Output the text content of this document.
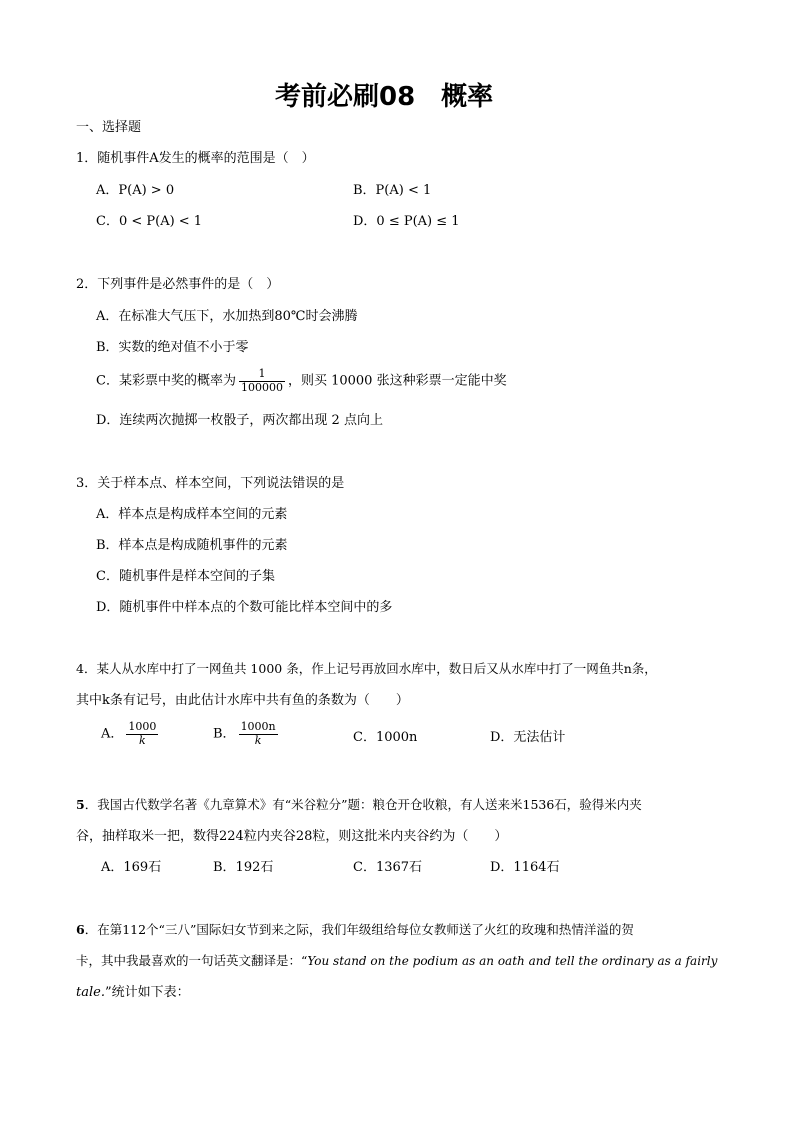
考前必刷08　概率
一、选择题
1．随机事件A发生的概率的范围是（　）
A．P(A) > 0	B．P(A) < 1
C．0 < P(A) < 1	D．0 ≤ P(A) ≤ 1
2．下列事件是必然事件的是（　）
A．在标准大气压下，水加热到80℃时会沸腾
B．实数的绝对值不小于零
C．某彩票中奖的概率为 $\frac{1}{100000}$ ，则买 10000 张这种彩票一定能中奖
D．连续两次抛掷一枚骰子，两次都出现 2 点向上
3．关于样本点、样本空间，下列说法错误的是
A．样本点是构成样本空间的元素
B．样本点是构成随机事件的元素
C．随机事件是样本空间的子集
D．随机事件中样本点的个数可能比样本空间中的多
4．某人从水库中打了一网鱼共 1000 条，作上记号再放回水库中，数日后又从水库中打了一网鱼共n条，
其中k条有记号，由此估计水库中共有鱼的条数为（　　）
A． $\frac{1000}{k}$	B． $\frac{1000n}{k}$	C．1000n	D．无法估计
5．我国古代数学名著《九章算术》有“米谷粒分”题：粮仓开仓收粮，有人送来米1536石，验得米内夹
谷，抽样取米一把，数得224粒内夹谷28粒，则这批米内夹谷约为（　　）
A．169石	B．192石	C．1367石	D．1164石
6．在第112个“三八”国际妇女节到来之际，我们年级组给每位女教师送了火红的玫瑰和热情洋溢的贺
卡，其中我最喜欢的一句话英文翻译是：“You stand on the podium as an oath and tell the ordinary as a fairly
tale.”统计如下表：
